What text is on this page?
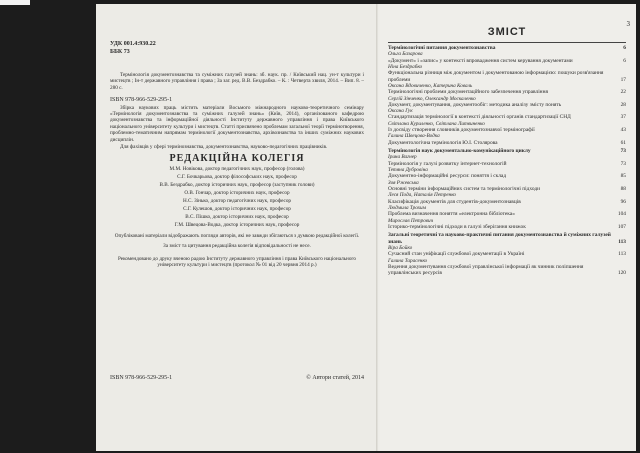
УДК 001.4:930.22
ББК 73
Термінологія документознавства та суміжних галузей знань: зб. наук. пр. / Київський нац. ун-т культури і мистецтв ; Ін-т державного управління і права ; За заг. ред. В.В. Бездрабко. – К. : Четверта хвиля, 2014. – Вип. 8. – 280 с.
ISBN 978-966-529-295-1
Збірка наукових праць містить матеріали Восьмого міжнародного науково-теоретичного семінару «Термінологія документознавства та суміжних галузей знань» (Київ, 2014), організованого кафедрою документознавства та інформаційної діяльності Інституту державного управління і права Київського національного університету культури і мистецтв. Статті присвячено проблемам загальної теорії термінотворення, проблемно-тематичним напрямам термінології документознавства, архівознавства та інших суміжних наукових дисциплін.
Для фахівців у сфері термінознавства, документознавства, науково-педагогічних працівників.
РЕДАКЦІЙНА КОЛЕГІЯ
М.М. Новікова, доктор педагогічних наук, професор (голова)
С.Г. Бочкарьова, доктор філософських наук, професор
В.В. Бездрабко, доктор історичних наук, професор (заступник голови)
О.В. Гончар, доктор історичних наук, професор
Н.С. Зінько, доктор педагогічних наук, професор
С.Г. Кулешов, доктор історичних наук, професор
В.С. Пішко, доктор історичних наук, професор
Г.М. Швецова-Водка, доктор історичних наук, професор
Опубліковані матеріали відображають погляди авторів, які не завжди збігаються з думкою редакційної колегії.
За зміст та цитування редакційна колегія відповідальності не несе.
Рекомендовано до друку вченою радою Інституту державного управління і права Київського національного університету культури і мистецтв (протокол № 01 від 20 червня 2014 р.)
ISBN 978-966-529-295-1	© Автори статей, 2014
3
ЗМІСТ
Термінологічні питання документознавства	6
Ольга Базарова
«Документ» і «запис» у контексті впровадження систем керування документами	6
Ніна Бездрабко
Функціональна різниця між документом і документованою інформацією: пошуки розв'язання проблеми	17
Оксана Вдовиченко, Катерина Коваль
Термінологічні проблеми документаційного забезпечення управління	22
Сергій Зінченко, Олександр Москаленко
Документ, документування, документообіг: методика аналізу змісту понять	28
Оксана Гук
Стандартизація термінології в контексті діяльності органів стандартизації СНД	37
Світлана Куриленко, Світлана Литвиненко
Із досвіду створення словників документознавчої термінографії	43
Галина Швецова-Водка
Документологічна термінологія Ю.І. Столярова	61
Термінологія наук документально-комунікаційного циклу	73
Ірина Вагнер
Термінологія у галузі розвитку інтернет-технологій	73
Тетяна Дубровіна
Документно-інформаційні ресурси: поняття і склад	85
Зоя Ржевська
Основні терміни інформаційних систем та термінологічні підходи	88
Леся Пода, Наталія Петренко
Класифікація документів для студентів-документознавців	96
Людмила Трохим
Проблема визначення поняття «електронна бібліотека»	104
Мирослав Петрович
Історико-термінологічні підходи в галузі зберігання книжок	107
Загальні теоретичні та науково-практичні питання документознавства й суміжних галузей знань	113
Віра Бойко
Сучасний стан уніфікації службової документації в Україні	113
Галина Тарасенко
Ведення документування службової управлінської інформації як чинник поліпшення управлінських ресурсів	120
